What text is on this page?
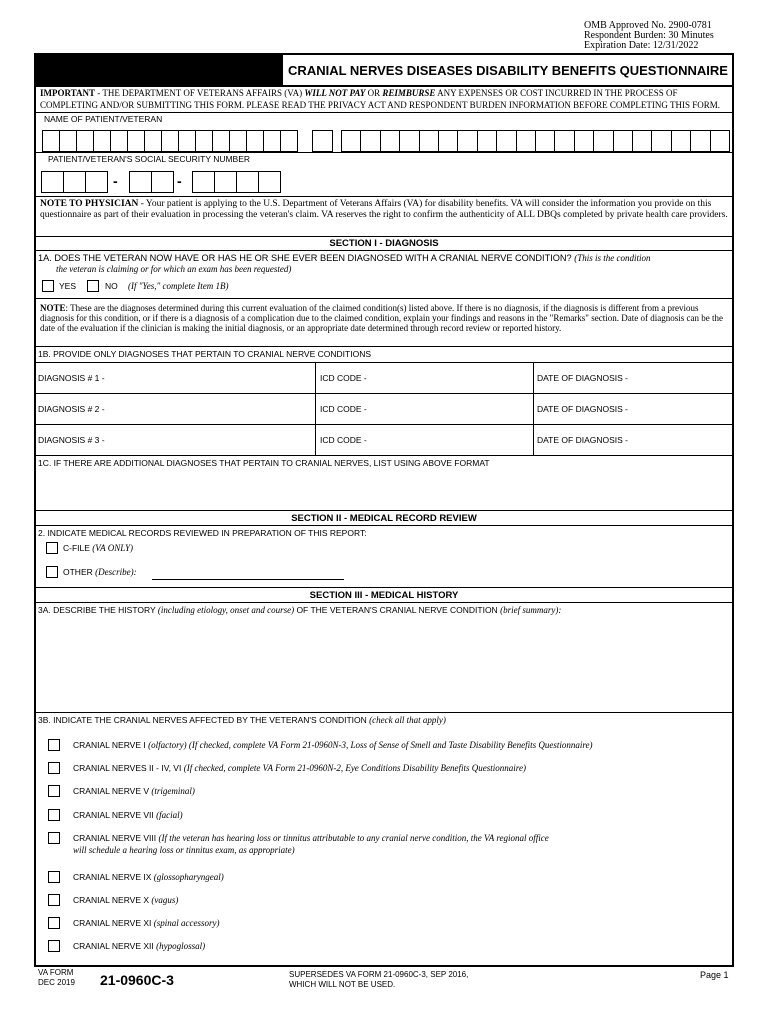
OMB Approved No. 2900-0781
Respondent Burden: 30 Minutes
Expiration Date: 12/31/2022
CRANIAL NERVES DISEASES DISABILITY BENEFITS QUESTIONNAIRE
IMPORTANT - THE DEPARTMENT OF VETERANS AFFAIRS (VA) WILL NOT PAY OR REIMBURSE ANY EXPENSES OR COST INCURRED IN THE PROCESS OF
COMPLETING AND/OR SUBMITTING THIS FORM. PLEASE READ THE PRIVACY ACT AND RESPONDENT BURDEN INFORMATION BEFORE COMPLETING THIS FORM.
NAME OF PATIENT/VETERAN
PATIENT/VETERAN'S SOCIAL SECURITY NUMBER
-	-
NOTE TO PHYSICIAN - Your patient is applying to the U.S. Department of Veterans Affairs (VA) for disability benefits. VA will consider the information you provide on this questionnaire as part of their evaluation in processing the veteran's claim. VA reserves the right to confirm the authenticity of ALL DBQs completed by private health care providers.
SECTION I - DIAGNOSIS
1A. DOES THE VETERAN NOW HAVE OR HAS HE OR SHE EVER BEEN DIAGNOSED WITH A CRANIAL NERVE CONDITION? (This is the condition
the veteran is claiming or for which an exam has been requested)
YES	NO (If "Yes," complete Item 1B)
NOTE: These are the diagnoses determined during this current evaluation of the claimed condition(s) listed above. If there is no diagnosis, if the diagnosis is different from a previous diagnosis for this condition, or if there is a diagnosis of a complication due to the claimed condition, explain your findings and reasons in the "Remarks" section. Date of diagnosis can be the date of the evaluation if the clinician is making the initial diagnosis, or an appropriate date determined through record review or reported history.
1B. PROVIDE ONLY DIAGNOSES THAT PERTAIN TO CRANIAL NERVE CONDITIONS
DIAGNOSIS # 1 -	ICD CODE -	DATE OF DIAGNOSIS -
DIAGNOSIS # 2 -	ICD CODE -	DATE OF DIAGNOSIS -
DIAGNOSIS # 3 -	ICD CODE -	DATE OF DIAGNOSIS -
1C. IF THERE ARE ADDITIONAL DIAGNOSES THAT PERTAIN TO CRANIAL NERVES, LIST USING ABOVE FORMAT
SECTION II - MEDICAL RECORD REVIEW
2. INDICATE MEDICAL RECORDS REVIEWED IN PREPARATION OF THIS REPORT:
C-FILE (VA ONLY)
OTHER (Describe):
SECTION III - MEDICAL HISTORY
3A. DESCRIBE THE HISTORY (including etiology, onset and course) OF THE VETERAN'S CRANIAL NERVE CONDITION (brief summary):
3B. INDICATE THE CRANIAL NERVES AFFECTED BY THE VETERAN'S CONDITION (check all that apply)
CRANIAL NERVE I (olfactory) (If checked, complete VA Form 21-0960N-3, Loss of Sense of Smell and Taste Disability Benefits Questionnaire)
CRANIAL NERVES II - IV, VI (If checked, complete VA Form 21-0960N-2, Eye Conditions Disability Benefits Questionnaire)
CRANIAL NERVE V (trigeminal)
CRANIAL NERVE VII (facial)
CRANIAL NERVE VIII (If the veteran has hearing loss or tinnitus attributable to any cranial nerve condition, the VA regional office
will schedule a hearing loss or tinnitus exam, as appropriate)
CRANIAL NERVE IX (glossopharyngeal)
CRANIAL NERVE X (vagus)
CRANIAL NERVE XI (spinal accessory)
CRANIAL NERVE XII (hypoglossal)
VA FORM
DEC 2019 21-0960C-3	SUPERSEDES VA FORM 21-0960C-3, SEP 2016,
WHICH WILL NOT BE USED.
Page 1
